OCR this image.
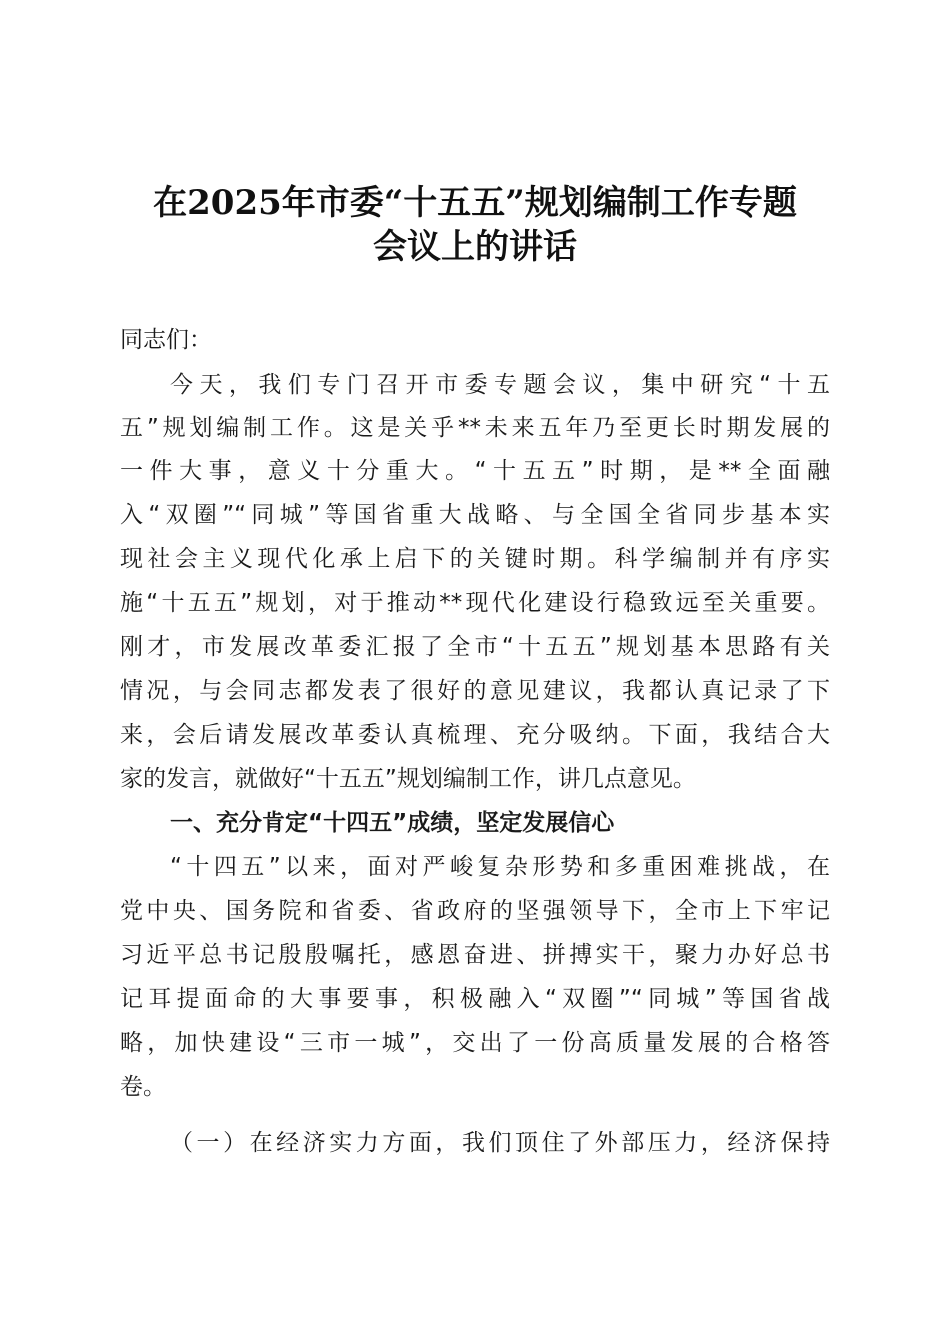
在2025年市委“十五五”规划编制工作专题
会议上的讲话
同志们：
今天，我们专门召开市委专题会议，集中研究“十五
五”规划编制工作。这是关乎**未来五年乃至更长时期发展的
一件大事，意义十分重大。“十五五”时期，是**全面融
入“双圈”“同城”等国省重大战略、与全国全省同步基本实
现社会主义现代化承上启下的关键时期。科学编制并有序实
施“十五五”规划，对于推动**现代化建设行稳致远至关重要。
刚才，市发展改革委汇报了全市“十五五”规划基本思路有关
情况，与会同志都发表了很好的意见建议，我都认真记录了下
来，会后请发展改革委认真梳理、充分吸纳。下面，我结合大
家的发言，就做好“十五五”规划编制工作，讲几点意见。
一、充分肯定“十四五”成绩，坚定发展信心
“十四五”以来，面对严峻复杂形势和多重困难挑战，在
党中央、国务院和省委、省政府的坚强领导下，全市上下牢记
习近平总书记殷殷嘱托，感恩奋进、拼搏实干，聚力办好总书
记耳提面命的大事要事，积极融入“双圈”“同城”等国省战
略，加快建设“三市一城”，交出了一份高质量发展的合格答
卷。
（一）在经济实力方面，我们顶住了外部压力，经济保持
